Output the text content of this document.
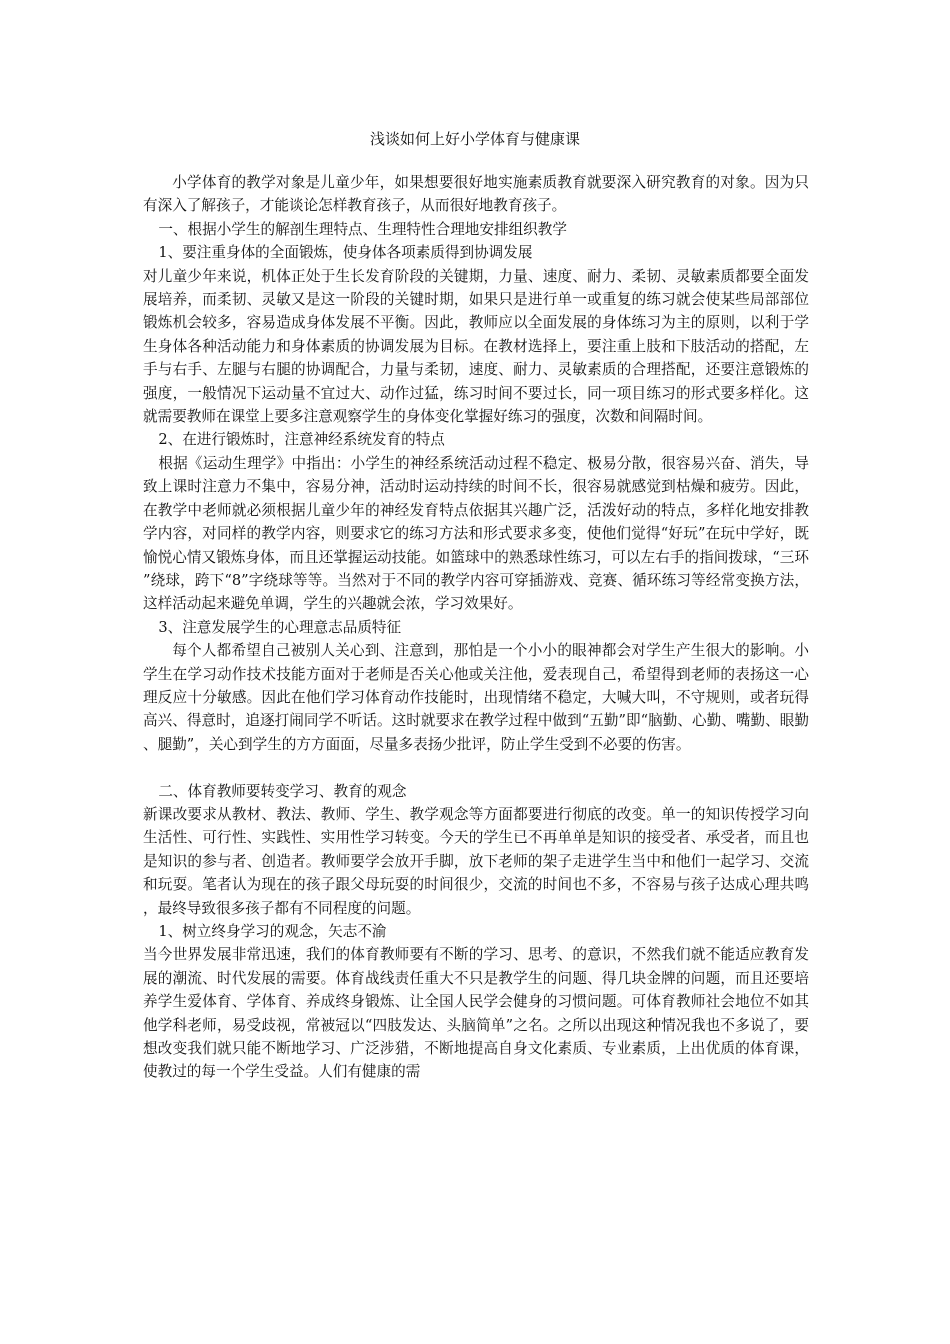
浅谈如何上好小学体育与健康课

小学体育的教学对象是儿童少年，如果想要很好地实施素质教育就要深入研究教育的对象。因为只有深入了解孩子，才能谈论怎样教育孩子，从而很好地教育孩子。

一、根据小学生的解剖生理特点、生理特性合理地安排组织教学

1、要注重身体的全面锻炼，使身体各项素质得到协调发展

对儿童少年来说，机体正处于生长发育阶段的关键期，力量、速度、耐力、柔韧、灵敏素质都要全面发展培养，而柔韧、灵敏又是这一阶段的关键时期，如果只是进行单一或重复的练习就会使某些局部部位锻炼机会较多，容易造成身体发展不平衡。因此，教师应以全面发展的身体练习为主的原则，以利于学生身体各种活动能力和身体素质的协调发展为目标。在教材选择上，要注重上肢和下肢活动的搭配，左手与右手、左腿与右腿的协调配合，力量与柔韧，速度、耐力、灵敏素质的合理搭配，还要注意锻炼的强度，一般情况下运动量不宜过大、动作过猛，练习时间不要过长，同一项目练习的形式要多样化。这就需要教师在课堂上要多注意观察学生的身体变化掌握好练习的强度，次数和间隔时间。

2、在进行锻炼时，注意神经系统发育的特点

根据《运动生理学》中指出：小学生的神经系统活动过程不稳定、极易分散，很容易兴奋、消失，导致上课时注意力不集中，容易分神，活动时运动持续的时间不长，很容易就感觉到枯燥和疲劳。因此，在教学中老师就必须根据儿童少年的神经发育特点依据其兴趣广泛，活泼好动的特点，多样化地安排教学内容，对同样的教学内容，则要求它的练习方法和形式要求多变，使他们觉得“好玩”在玩中学好，既愉悦心情又锻炼身体，而且还掌握运动技能。如篮球中的熟悉球性练习，可以左右手的指间拨球，“三环”绕球，跨下“8”字绕球等等。当然对于不同的教学内容可穿插游戏、竞赛、循环练习等经常变换方法，这样活动起来避免单调，学生的兴趣就会浓，学习效果好。

3、注意发展学生的心理意志品质特征

每个人都希望自己被别人关心到、注意到，那怕是一个小小的眼神都会对学生产生很大的影响。小学生在学习动作技术技能方面对于老师是否关心他或关注他，爱表现自己，希望得到老师的表扬这一心理反应十分敏感。因此在他们学习体育动作技能时，出现情绪不稳定，大喊大叫，不守规则，或者玩得高兴、得意时，追逐打闹同学不听话。这时就要求在教学过程中做到“五勤”即“脑勤、心勤、嘴勤、眼勤、腿勤”，关心到学生的方方面面，尽量多表扬少批评，防止学生受到不必要的伤害。

二、体育教师要转变学习、教育的观念

新课改要求从教材、教法、教师、学生、教学观念等方面都要进行彻底的改变。单一的知识传授学习向生活性、可行性、实践性、实用性学习转变。今天的学生已不再单单是知识的接受者、承受者，而且也是知识的参与者、创造者。教师要学会放开手脚，放下老师的架子走进学生当中和他们一起学习、交流和玩耍。笔者认为现在的孩子跟父母玩耍的时间很少，交流的时间也不多，不容易与孩子达成心理共鸣，最终导致很多孩子都有不同程度的问题。

1、树立终身学习的观念，矢志不渝

当今世界发展非常迅速，我们的体育教师要有不断的学习、思考、的意识，不然我们就不能适应教育发展的潮流、时代发展的需要。体育战线责任重大不只是教学生的问题、得几块金牌的问题，而且还要培养学生爱体育、学体育、养成终身锻炼、让全国人民学会健身的习惯问题。可体育教师社会地位不如其他学科老师，易受歧视，常被冠以“四肢发达、头脑简单”之名。之所以出现这种情况我也不多说了，要想改变我们就只能不断地学习、广泛涉猎，不断地提高自身文化素质、专业素质，上出优质的体育课，使教过的每一个学生受益。人们有健康的需
